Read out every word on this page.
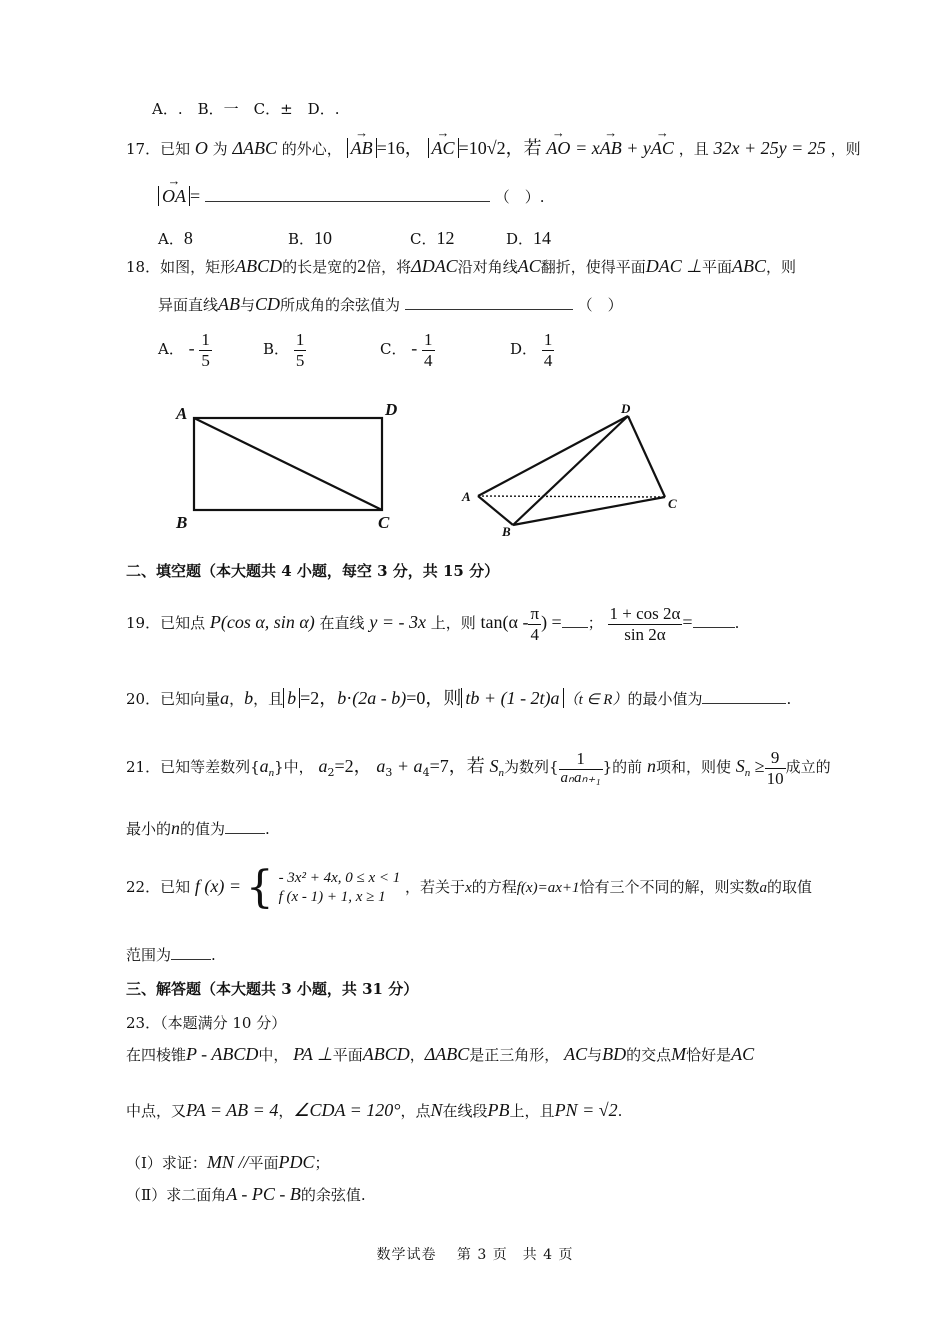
A．.　B．一　C．±　D．.
17．已知 O 为 ΔABC 的外心， → AB =16， → AC =10√2，若 → AO = x→ AB + y→ AC ，且 32x + 25y = 25 ，则
→ OA =	（　）.
A．8	B．10	C．12	D．14
18．如图，矩形ABCD的长是宽的2倍，将ΔDAC沿对角线AC翻折，使得平面DAC ⊥平面ABC，则
异面直线AB与CD所成角的余弦值为	（　）
A． - $\frac{1}{5}$	B． $\frac{1}{5}$	C． - $\frac{1}{4}$	D． $\frac{1}{4}$
A	D
B	C
A
D
B
C
二、填空题（本大题共 4 小题，每空 3 分，共 15 分）
19．已知点 P(cos α, sin α) 在直线 y = - 3x 上，则 $\tan(\alpha - \frac{\pi}{4}$ ) = ； $\frac{1 + \cos 2\alpha}{\sin 2\alpha}$ =	.
20．已知向量a，b，且 b =2，b·(2a - b)=0，则 tb + (1 - 2t)a （t ∈ R）的最小值为	.
21．已知等差数列$\{a_n\}$中， $a_2=2$， $a_3 + a_4=7$，若 $S_n$为数列{ $\frac{1}{\text{aₙaₙ₊₁}}$ }的前 n项和，则使 $S_n \ge \frac{9}{10}$ 成立的
最小的n的值为	.
22．已知 f (x) = { - 3x² + 4x, 0 ≤ x < 1
f (x - 1) + 1, x ≥ 1
，若关于x的方程f(x)=ax+1恰有三个不同的解，则实数a的取值
范围为	.
三、解答题（本大题共 3 小题，共 31 分）
23．（本题满分 10 分）
在四棱锥P - ABCD中， PA ⊥平面ABCD，ΔABC是正三角形， AC与BD的交点M恰好是AC
中点，又PA = AB = 4，∠CDA = 120°，点N在线段PB上，且PN = √2.
（I）求证：MN //平面PDC；
（Ⅱ）求二面角A - PC - B的余弦值.
数学试卷　 第 3 页　共 4 页
